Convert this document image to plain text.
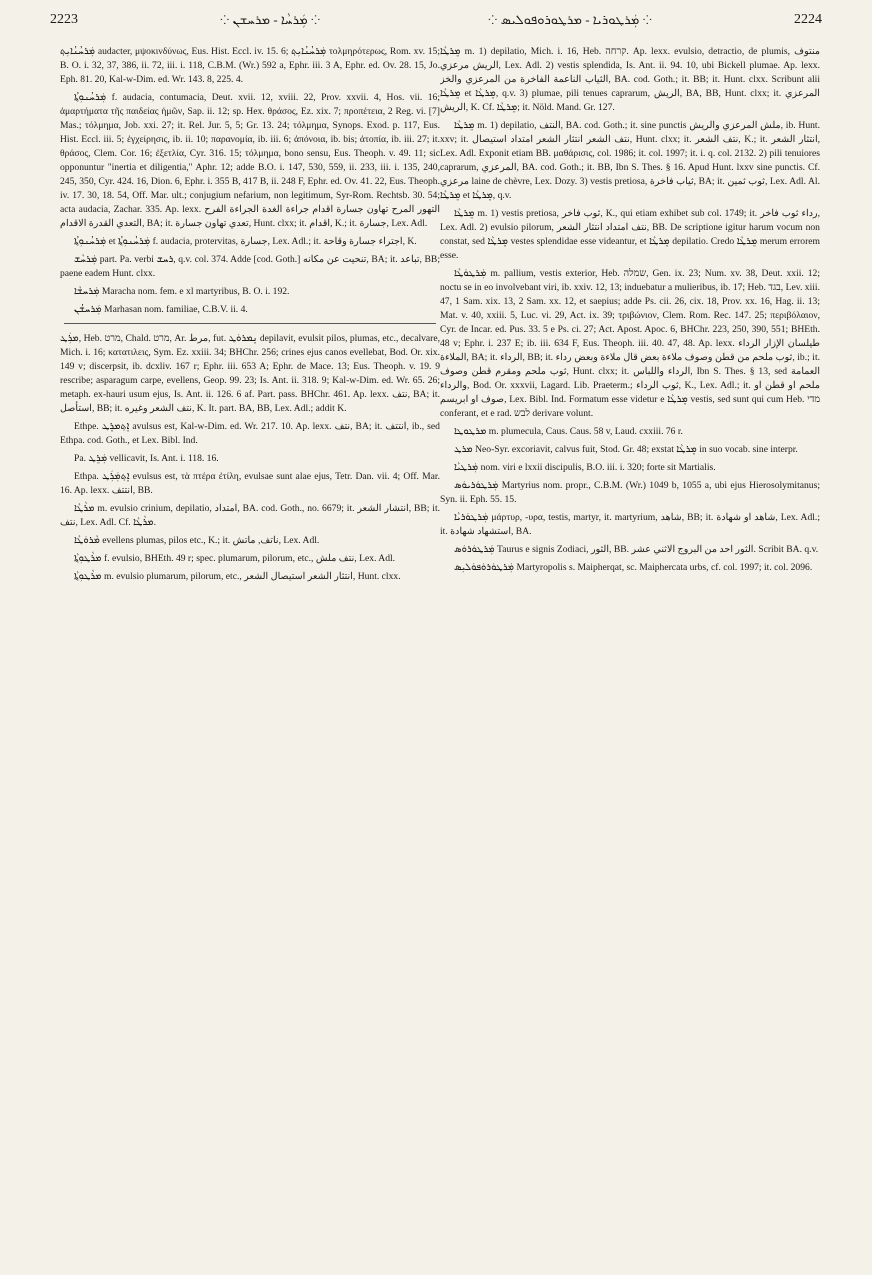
2223	⁘ ܡܲܪܚܵܐ - ܡܪܚܫܢ ⁘	⁘ ܡܲܪܛܘܪܝܐ - ܡܪܛܘܪܘܦܘܠܝܣ ⁘	2224

ܡܲܪܚܳܢܳܐܝܼܬ݂ audacter, μψοκινδύνως, Eus. Hist. Eccl. iv. 15. 6; ܡܲܪܚܳܢܳܐܝܼܬ݂ τολμηρότερως, Rom. xv. 15; B. O. i. 32, 37, 386, ii. 72, iii. i. 118, C.B.M. (Wr.) 592 a, Ephr. iii. 3 A, Ephr. ed. Ov. 28. 15, Jo. Eph. 81. 20, Kal-w-Dim. ed. Wr. 143. 8, 225. 4.

ܡܲܪܚܳܢܘܼܬ݂ܳܐ f. audacia, contumacia, Deut. xvii. 12, xviii. 22, Prov. xxvii. 4, Hos. vii. 16; ἁμαρτήματα τῆς παιδείας ἡμῶν, Sap. ii. 12; sp. Hex. θράσος, Ez. xix. 7; προπέτεια, 2 Reg. vi. [7] Mas.; τόλμημα, Job. xxi. 27; it. Rel. Jur. 5, 5; Gr. 13. 24; τόλμημα, Synops. Exod. p. 117, Eus. Hist. Eccl. iii. 5; ἐγχείρησις, ib. ii. 10; παρανομία, ib. iii. 6; ἀπόνοια, ib. bis; ἀτοπία, ib. iii. 27; it. θράσος, Clem. Cor. 16; ἐξετλία, Cyr. 316. 15; τόλμημα, bono sensu, Eus. Theoph. v. 49. 11; sic opponuntur "inertia et diligentia," Aphr. 12; adde B.O. i. 147, 530, 559, ii. 233, iii. i. 135, 240, 245, 350, Cyr. 424. 16, Dion. 6, Ephr. i. 355 B, 417 B, ii. 248 F, Ephr. ed. Ov. 41. 22, Eus. Theoph. iv. 17. 30, 18. 54, Off. Mar. ult.; conjugium nefarium, non legitimum, Syr-Rom. Rechtsb. 30. 54; acta audacia, Zachar. 335. Ap. lexx. التهور المرح تهاون جسارة اقدام جراءة الغدة الجراءة الفرح التعدي القدرة الاقدام, BA; it. تعدي تهاون جسارة, Hunt. clxx; it. اقدام, K.; it. جسارة, Lex. Adl.

ܡܲܪܚܳܢܘܼܬ݂ܳܐ et ܡܲܪܚܳܢܘܼܬ݂ܳܐ f. audacia, protervitas, جسارة, Lex. Adl.; it. اجتراء جسارة وقاحة, K.

ܡܲܪܚܵܫ part. Pa. verbi ܪܚܫ, q.v. col. 374. Adde [cod. Goth.] تنحيت عن مكانه, BA; it. تباعد, BB; paene eadem Hunt. clxx.

ܡܲܪܚܫܵܐ Maracha nom. fem. e xl martyribus, B. O. i. 192.

ܡܲܪܚܫܳܢ Marhasan nom. familiae, C.B.V. ii. 4.

ܡܪܲܛ, Heb. מרט, Chald. מרט, Ar. مرط, fut. ܢܸܡܪܘܿܛ depilavit, evulsit pilos, plumas, etc., decalvare, Mich. i. 16; κατατιλεις, Sym. Ez. xxiii. 34; BHChr. 256; crines ejus canos evellebat, Bod. Or. xix. 149 v; discerpsit, ib. dcxliv. 167 r; Ephr. iii. 653 A; Ephr. de Mace. 13; Eus. Theoph. v. 19. 9 rescribe; asparagum carpe, evellens, Geop. 99. 23; Is. Ant. ii. 318. 9; Kal-w-Dim. ed. Wr. 65. 26; metaph. ex-hauri usum ejus, Is. Ant. ii. 126. 6 af. Part. pass. BHChr. 461. Ap. lexx. نتف, BA; it. استأصل, BB; it. نتف الشعر وغيره, K. It. part. BA, BB, Lex. Adl.; addit K.

Ethpe. ܐܸܬ݂ܡܪܸܛ avulsus est, Kal-w-Dim. ed. Wr. 217. 10. Ap. lexx. نتف, BA; it. انتتف, ib., sed Ethpa. cod. Goth., et Lex. Bibl. Ind.

Pa. ܡܲܪܸܛ vellicavit, Is. Ant. i. 118. 16.

Ethpa. ܐܸܬ݂ܡܲܪܲܛ evulsus est, τὰ πτέρα ἐτίλη, evulsae sunt alae ejus, Tetr. Dan. vii. 4; Off. Mar. 16. Ap. lexx. انتتف, BB.

ܡܪܵܛܵܐ m. evulsio crinium, depilatio, امتداد, BA. cod. Goth., no. 6679; it. انتشار الشعر, BB; it. نتف, Lex. Adl. Cf. ܡܪܵܛܵܐ.

ܡܵܪܘܿܛܵܐ evellens plumas, pilos etc., K.; it. ناتف, ماتش, Lex. Adl.

ܡܪܵܛܘܼܬ݂ܵܐ f. evulsio, BHEth. 49 r; spec. plumarum, pilorum, etc., نتف ملش, Lex. Adl.

ܡܪܵܛܘܼܬ݂ܵܐ m. evulsio plumarum, pilorum, etc., انتثار الشعر استيصال الشعر, Hunt. clxx.

ܡܸܪܛܵܐ m. 1) depilatio, Mich. i. 16, Heb. קרחה. Ap. lexx. evulsio, detractio, de plumis, منتوف الريش مرعزي, Lex. Adl. 2) vestis splendida, Is. Ant. ii. 94. 10, ubi Bickell plumae. Ap. lexx. الثياب الناعمة الفاخرة من المرعزي والخز, BA. cod. Goth.; it. BB; it. Hunt. clxx. Scribunt alii ܡܸܪܛܵܐ et ܡܸܪܛܵܐ, q.v. 3) plumae, pili tenues caprarum, الريش, BA, BB, Hunt. clxx; it. المرعزي الريش, K. Cf. ܡܸܪܛܵܐ; it. Nöld. Mand. Gr. 127.

ܡܸܪܛܵܐ m. 1) depilatio, النتف, BA. cod. Goth.; it. sine punctis ملش المرعزي والريش, ib. Hunt. xxv; it. نتف الشعر انتثار الشعر امتداد استيصال, Hunt. clxx; it. نتف الشعر, K.; it. انتثار الشعر, Lex. Adl. Exponit etiam BB. μαθάρισις, col. 1986; it. col. 1997; it. i. q. col. 2132. 2) pili tenuiores caprarum, المرعزي, BA. cod. Goth.; it. BB, Ibn S. Thes. § 16. Apud Hunt. lxxv sine punctis. Cf. مرعزي laine de chèvre, Lex. Dozy. 3) vestis pretiosa, ثياب فاخرة, BA; it. ثوب ثمين, Lex. Adl. Al. ܡܸܪܛܵܐ et ܡܸܪܛܵܐ, q.v.

ܡܸܪܛܵܐ m. 1) vestis pretiosa, ثوب فاخر, K., qui etiam exhibet sub col. 1749; it. رداء ثوب فاخر, Lex. Adl. 2) evulsio pilorum, نتف امتداد انتثار الشعر, BB. De scriptione igitur harum vocum non constat, sed ܡܸܪܛܵܐ vestes splendidae esse videantur, et ܡܸܪܛܵܐ depilatio. Credo ܡܸܪܛܵܐ merum errorem esse.

ܡܲܪܛܘܿܛܵܐ m. pallium, vestis exterior, Heb. שמלה, Gen. ix. 23; Num. xv. 38, Deut. xxii. 12; noctu se in eo involvebant viri, ib. xxiv. 12, 13; induebatur a mulieribus, ib. 17; Heb. בגד, Lev. xiii. 47, 1 Sam. xix. 13, 2 Sam. xx. 12, et saepius; adde Ps. cii. 26, cix. 18, Prov. xx. 16, Hag. ii. 13; Mat. v. 40, xxiii. 5, Luc. vi. 29, Act. ix. 39; τριβώνιον, Clem. Rom. Rec. 147. 25; περιβόλαιον, Cyr. de Incar. ed. Pus. 33. 5 e Ps. ci. 27; Act. Apost. Apoc. 6, BHChr. 223, 250, 390, 551; BHEth. 48 v; Ephr. i. 237 E; ib. iii. 634 F, Eus. Theoph. iii. 40. 47, 48. Ap. lexx. طيلسان الإزار الرداء الملاءة, BA; it. الرداء, BB; it. ثوب ملحم من قطن وصوف ملاءة بعض قال ملاءة وبعض رداء, ib.; it. ثوب ملحم ومقرم قطن وصوف, Hunt. clxx; it. الرداء واللباس, Ibn S. Thes. § 13, sed العمامة والرداء, Bod. Or. xxxvii, Lagard. Lib. Praeterm.; ثوب الرداء, K., Lex. Adl.; it. ملحم او قطن او صوف او ابريسم, Lex. Bibl. Ind. Formatum esse videtur e ܡܸܪܛܵܐ vestis, sed sunt qui cum Heb. מדי conferant, et e rad. לבש derivare volunt.

ܡܪܛܘܛܐ m. plumecula, Caus. Caus. 58 v, Laud. cxxiii. 76 r.

ܡܪܛ Neo-Syr. excoriavit, calvus fuit, Stod. Gr. 48; exstat ܡܸܪܛܵܐ in suo vocab. sine interpr.

ܡܲܪܛܝܵܐ nom. viri e lxxii discipulis, B.O. iii. i. 320; forte sit Martialis.

ܡܲܪܛܘܿܪܝܘܿܣ Martyrius nom. propr., C.B.M. (Wr.) 1049 b, 1055 a, ubi ejus Hierosolymitanus; Syn. ii. Eph. 55. 15.

ܡܲܪܛܘܿܪܝܵܐ μάρτυρ, -υρα, testis, martyr, it. martyrium, شاهد, BB; it. شاهد او شهادة, Lex. Adl.; it. استشهاد شهادة, BA.

ܡܲܪܛܘܿܪܘܿܣ Taurus e signis Zodiaci, الثور, BB. الثور احد من البروج الاثني عشر. Scribit BA. q.v.

ܡܲܪܛܘܿܪܘܿܦܘܿܠܝܼܣ Martyropolis s. Maipherqat, sc. Maiphercata urbs, cf. col. 1997; it. col. 2096.
